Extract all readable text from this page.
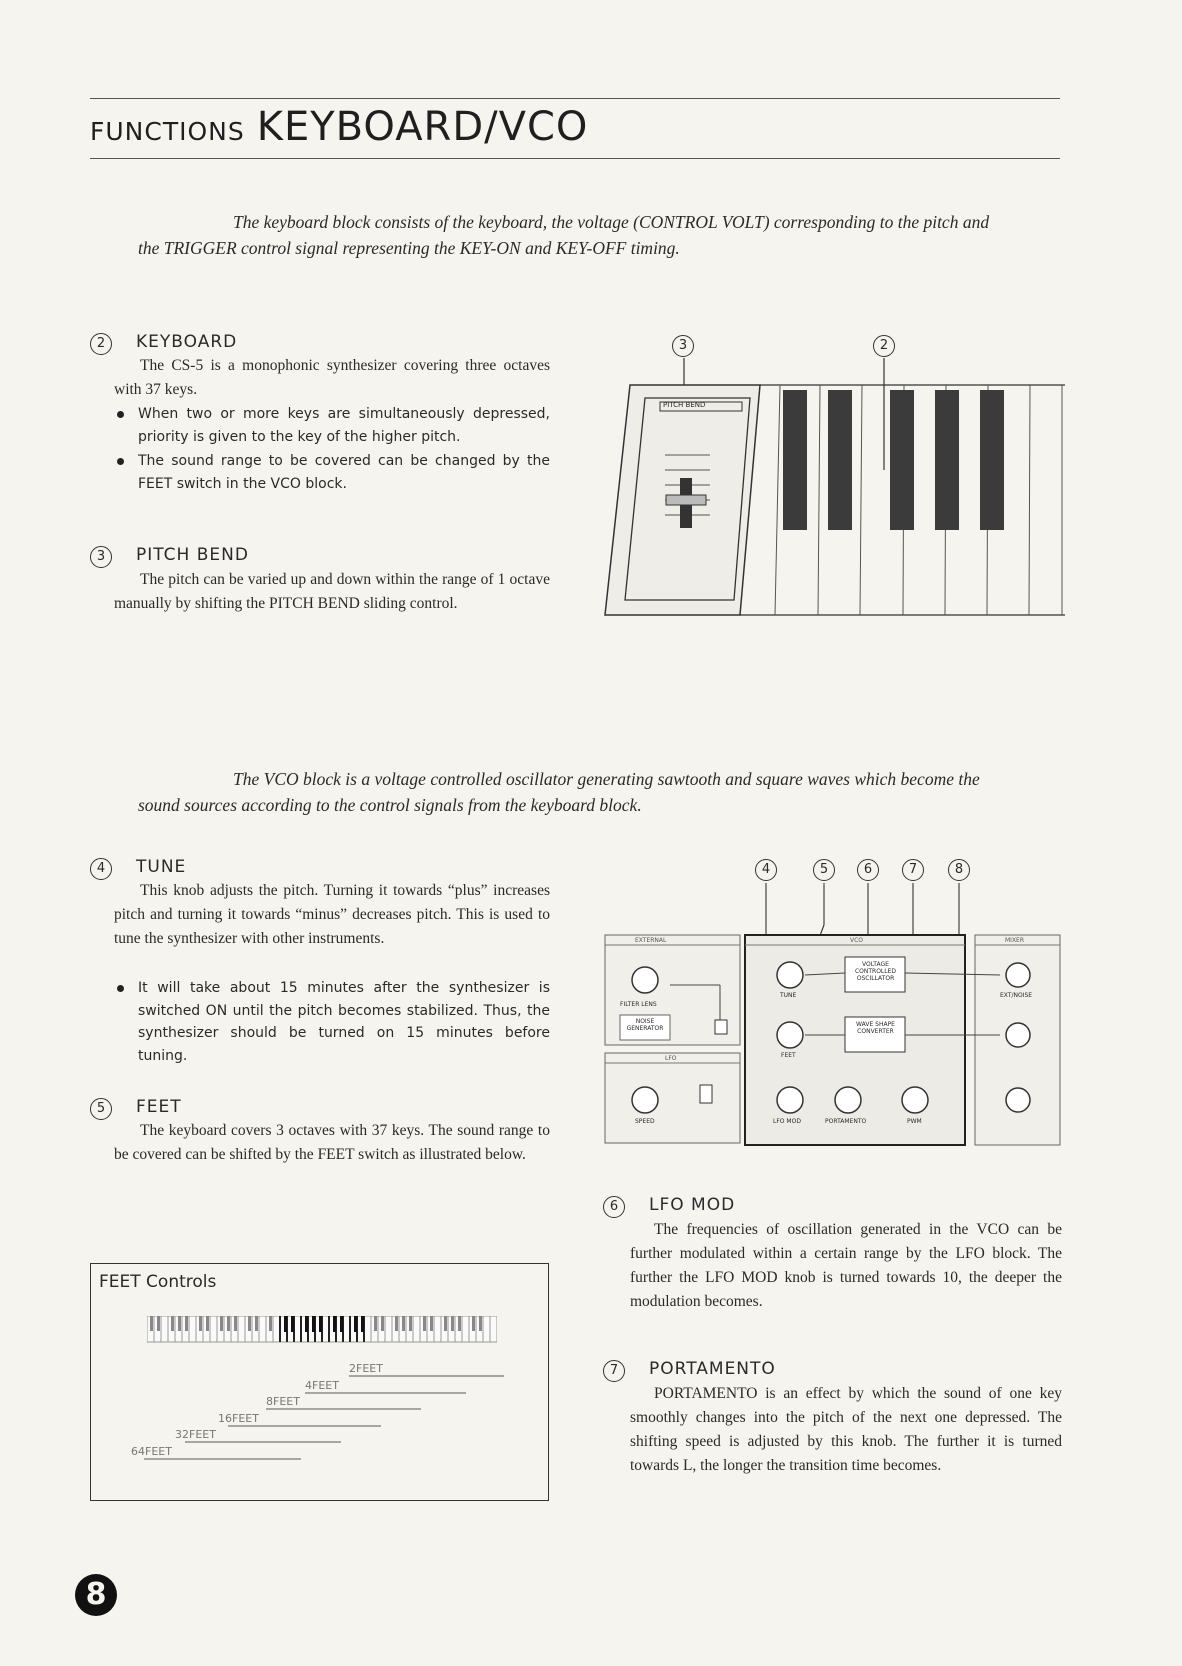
FUNCTIONS KEYBOARD/VCO
The keyboard block consists of the keyboard, the voltage (CONTROL VOLT) corresponding to the pitch and the TRIGGER control signal representing the KEY-ON and KEY-OFF timing.
2 KEYBOARD
The CS-5 is a monophonic synthesizer covering three octaves with 37 keys.
When two or more keys are simultaneously depressed, priority is given to the key of the higher pitch.
The sound range to be covered can be changed by the FEET switch in the VCO block.
3 PITCH BEND
The pitch can be varied up and down within the range of 1 octave manually by shifting the PITCH BEND sliding control.
3	2
PITCH BEND
The VCO block is a voltage controlled oscillator generating sawtooth and square waves which become the sound sources according to the control signals from the keyboard block.
4 TUNE
This knob adjusts the pitch. Turning it towards “plus” increases pitch and turning it towards “minus” decreases pitch. This is used to tune the synthesizer with other instruments.
It will take about 15 minutes after the synthesizer is switched ON until the pitch becomes stabilized. Thus, the synthesizer should be turned on 15 minutes before tuning.
5 FEET
The keyboard covers 3 octaves with 37 keys. The sound range to be covered can be shifted by the FEET switch as illustrated below.
FEET Controls
2FEET
4FEET
8FEET
16FEET
32FEET
64FEET
4	5	6	7	8
EXTERNAL	VCO	MIXER
LFO
VOLTAGE CONTROLLED OSCILLATOR
WAVE SHAPE CONVERTER
NOISE GENERATOR
TUNE
FEET
LFO MOD	PORTAMENTO	PWM
SPEED
FILTER LENS
EXT/NOISE
6 LFO MOD
The frequencies of oscillation generated in the VCO can be further modulated within a certain range by the LFO block. The further the LFO MOD knob is turned towards 10, the deeper the modulation becomes.
7 PORTAMENTO
PORTAMENTO is an effect by which the sound of one key smoothly changes into the pitch of the next one depressed. The shifting speed is adjusted by this knob. The further it is turned towards L, the longer the transition time becomes.
8
